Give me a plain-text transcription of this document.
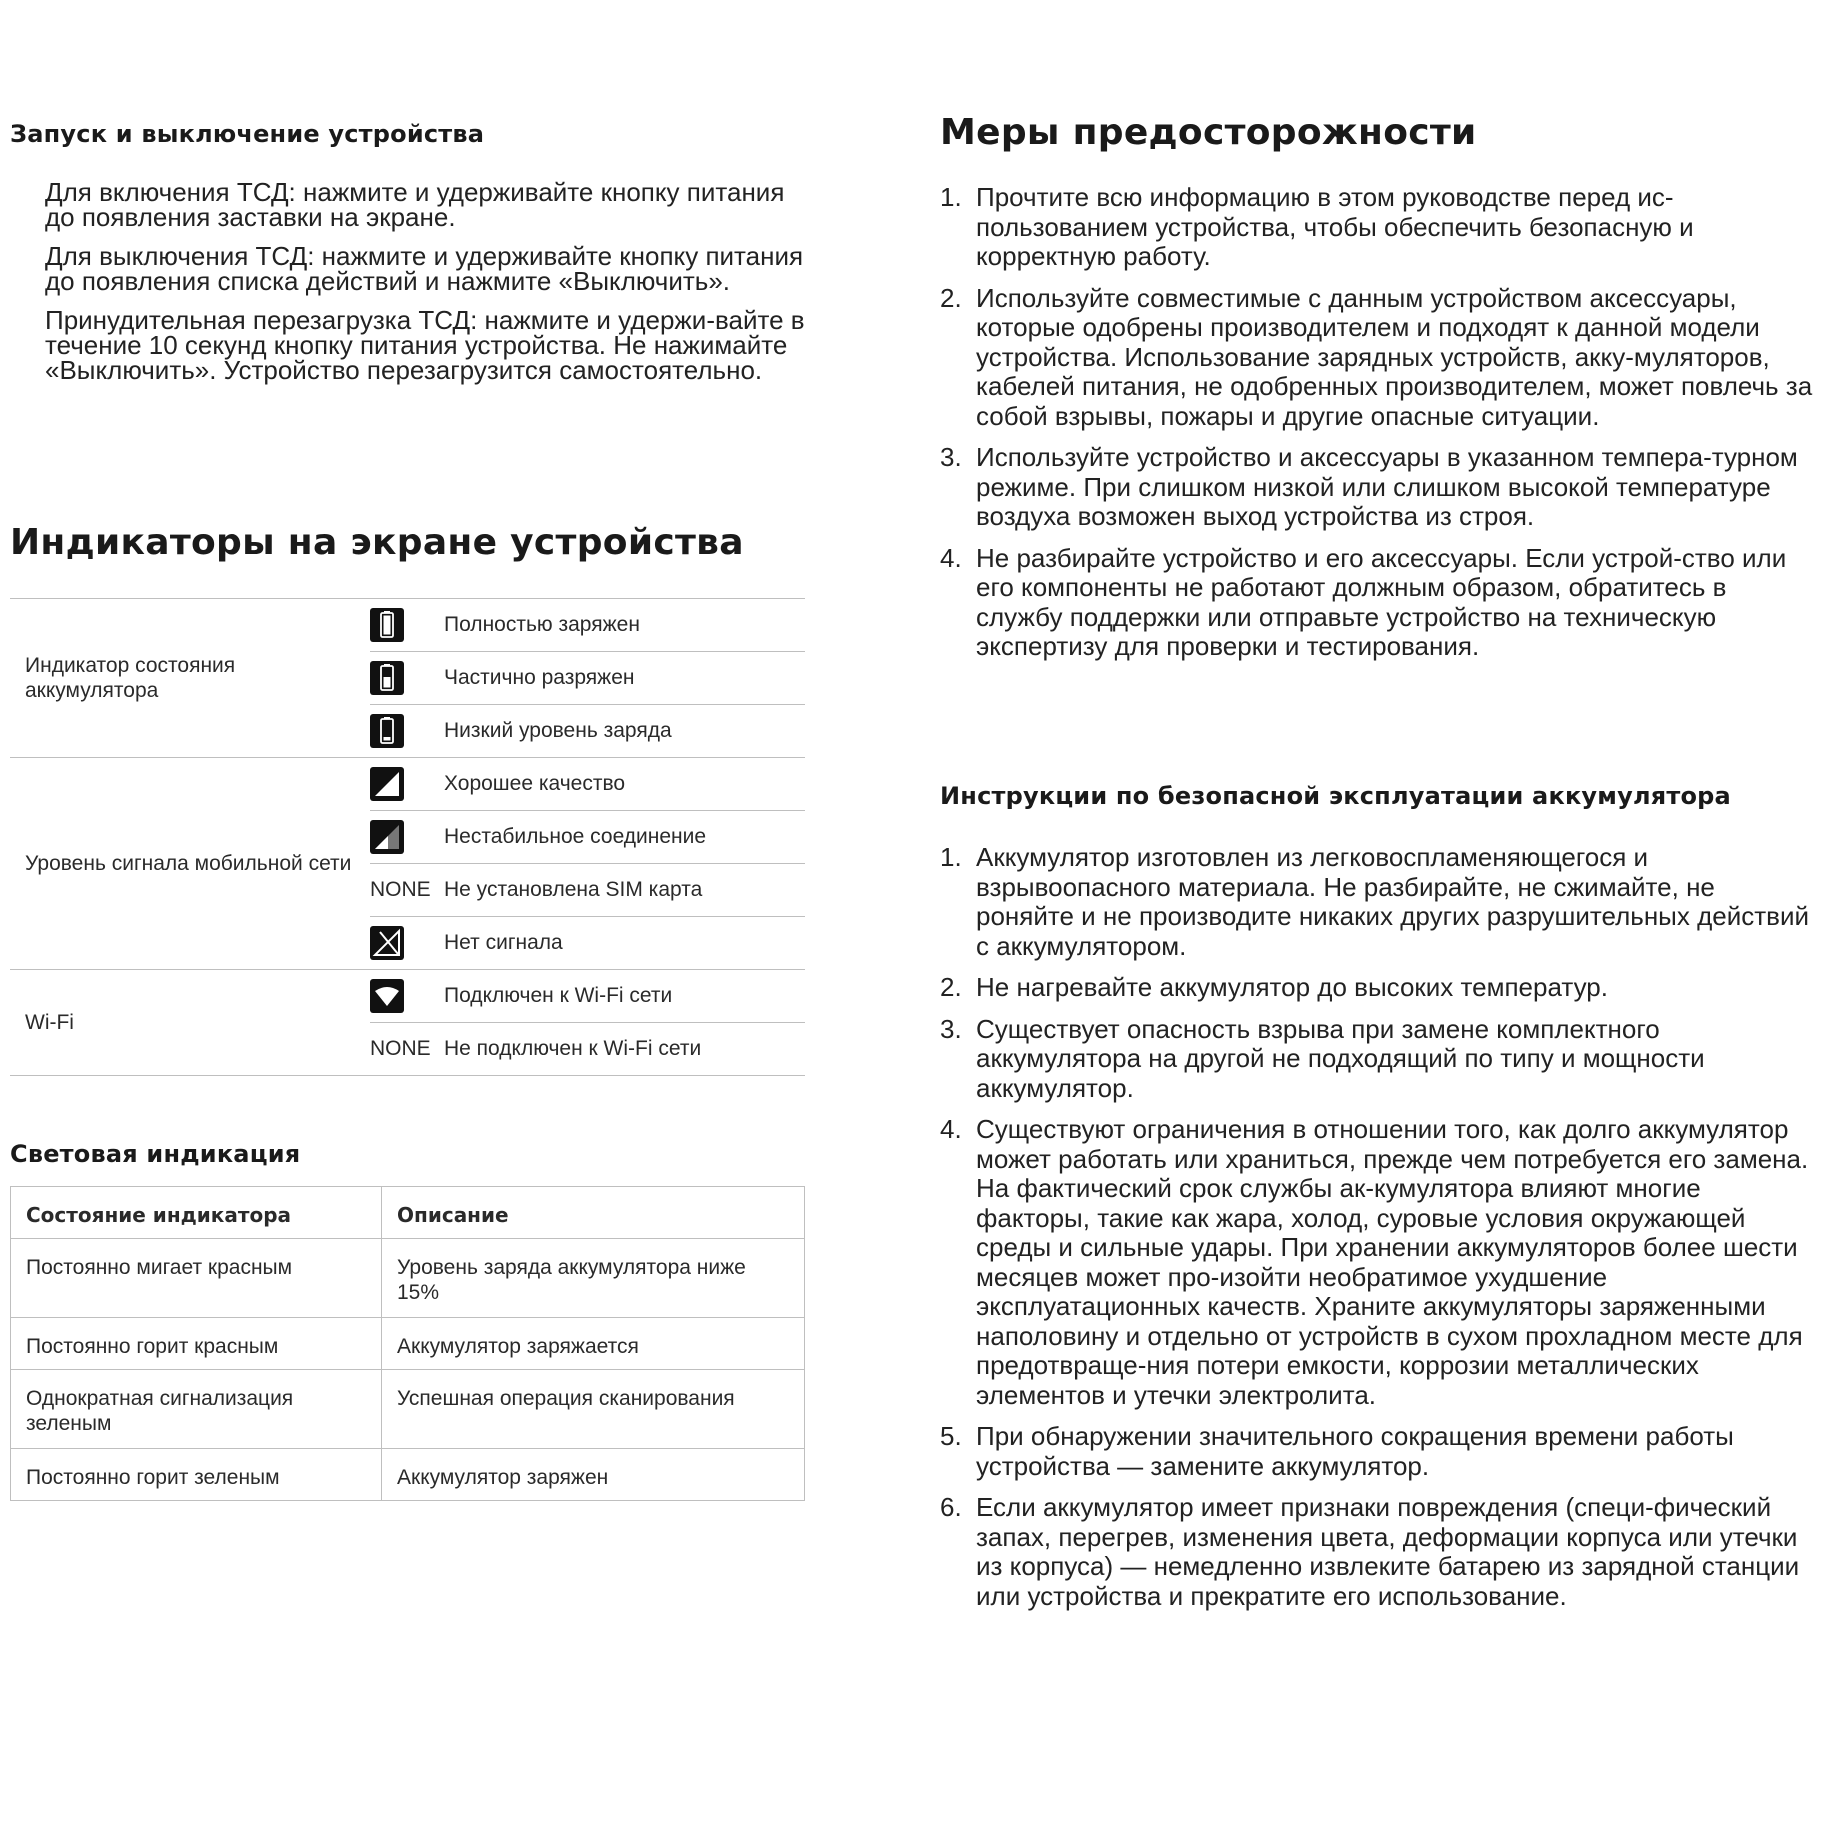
Запуск и выключение устройства

Для включения ТСД: нажмите и удерживайте кнопку питания до появления заставки на экране.

Для выключения ТСД: нажмите и удерживайте кнопку питания до появления списка действий и нажмите «Выключить».

Принудительная перезагрузка ТСД: нажмите и удержи-вайте в течение 10 секунд кнопку питания устройства. Не нажимайте «Выключить». Устройство перезагрузится самостоятельно.

Индикаторы на экране устройства
Индикатор состояния аккумулятора		Полностью заряжен

	Частично разряжен

	Низкий уровень заряда
Уровень сигнала мобильной сети		Хорошее качество

	Нестабильное соединение
	NONE	Не установлена SIM карта

	Нет сигнала
Wi-Fi		Подключен к Wi-Fi сети
	NONE	Не подключен к Wi-Fi сети
Световая индикация
Состояние индикатора	Описание
Постоянно мигает красным	Уровень заряда аккумулятора ниже 15%
Постоянно горит красным	Аккумулятор заряжается
Однократная сигнализация зеленым	Успешная операция сканирования
Постоянно горит зеленым	Аккумулятор заряжен
Меры предосторожности
1. Прочтите всю информацию в этом руководстве перед ис-пользованием устройства, чтобы обеспечить безопасную и корректную работу.
2. Используйте совместимые с данным устройством аксессуары, которые одобрены производителем и подходят к данной модели устройства. Использование зарядных устройств, акку-муляторов, кабелей питания, не одобренных производителем, может повлечь за собой взрывы, пожары и другие опасные ситуации.
3. Используйте устройство и аксессуары в указанном темпера-турном режиме. При слишком низкой или слишком высокой температуре воздуха возможен выход устройства из строя.
4. Не разбирайте устройство и его аксессуары. Если устрой-ство или его компоненты не работают должным образом, обратитесь в службу поддержки или отправьте устройство на техническую экспертизу для проверки и тестирования.
Инструкции по безопасной эксплуатации аккумулятора
1. Аккумулятор изготовлен из легковоспламеняющегося и взрывоопасного материала. Не разбирайте, не сжимайте, не роняйте и не производите никаких других разрушительных действий с аккумулятором.
2. Не нагревайте аккумулятор до высоких температур.
3. Существует опасность взрыва при замене комплектного аккумулятора на другой не подходящий по типу и мощности аккумулятор.
4. Существуют ограничения в отношении того, как долго аккумулятор может работать или храниться, прежде чем потребуется его замена. На фактический срок службы ак-кумулятора влияют многие факторы, такие как жара, холод, суровые условия окружающей среды и сильные удары. При хранении аккумуляторов более шести месяцев может про-изойти необратимое ухудшение эксплуатационных качеств. Храните аккумуляторы заряженными наполовину и отдельно от устройств в сухом прохладном месте для предотвраще-ния потери емкости, коррозии металлических элементов и утечки электролита.
5. При обнаружении значительного сокращения времени работы устройства — замените аккумулятор.
6. Если аккумулятор имеет признаки повреждения (специ-фический запах, перегрев, изменения цвета, деформации корпуса или утечки из корпуса) — немедленно извлеките батарею из зарядной станции или устройства и прекратите его использование.
